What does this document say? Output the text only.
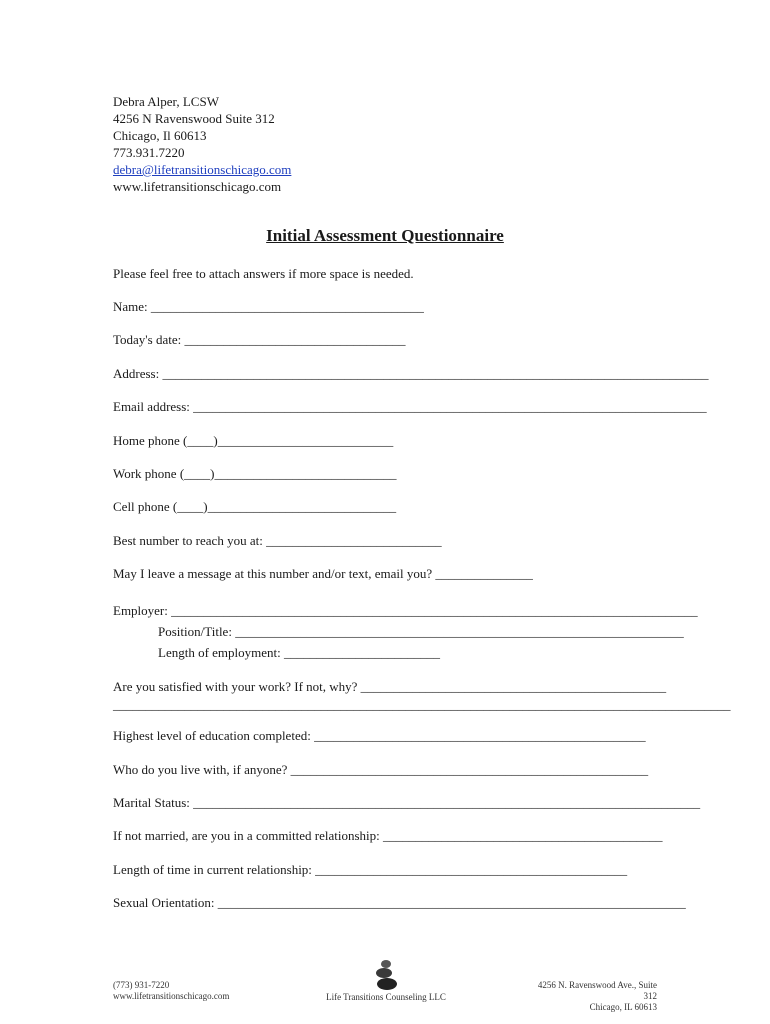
Debra Alper, LCSW
4256 N Ravenswood Suite 312
Chicago, Il 60613
773.931.7220
debra@lifetransitionschicago.com
www.lifetransitionschicago.com
Initial Assessment Questionnaire
Please feel free to attach answers if more space is needed.
Name: __________________________________________
Today's date: __________________________________
Address: ____________________________________________________________________________________
Email address: _______________________________________________________________________________
Home phone (____)___________________________
Work phone (____)____________________________
Cell phone (____)_____________________________
Best number to reach you at: ___________________________
May I leave a message at this number and/or text, email you? _______________
Employer: _________________________________________________________________________________
Position/Title: _____________________________________________________________________
Length of employment: ________________________
Are you satisfied with your work? If not, why? _______________________________________________
_______________________________________________________________________________________________
Highest level of education completed: ___________________________________________________
Who do you live with, if anyone? _______________________________________________________
Marital Status: ______________________________________________________________________________
If not married, are you in a committed relationship: ___________________________________________
Length of time in current relationship: ________________________________________________
Sexual Orientation: ________________________________________________________________________
(773) 931-7220
www.lifetransitionschicago.com	Life Transitions Counseling LLC
4256 N. Ravenswood Ave., Suite 312
Chicago, IL 60613
